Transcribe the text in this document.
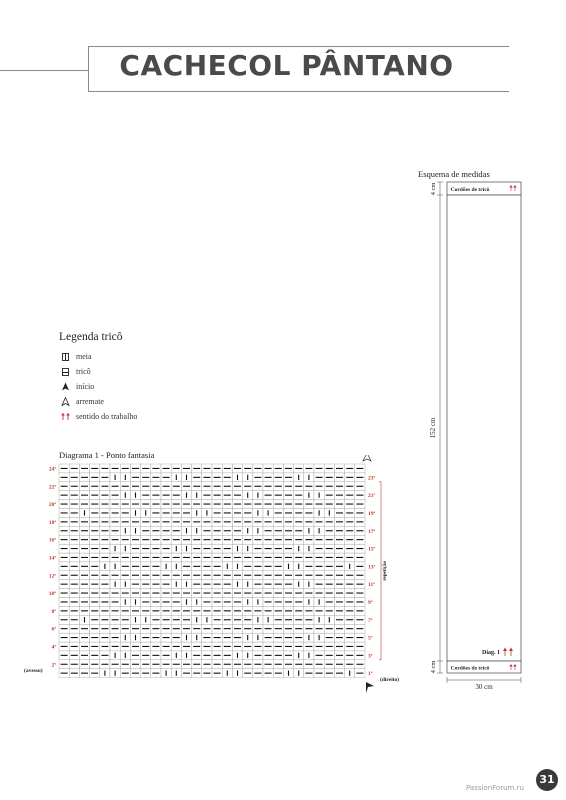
CACHECOL PÂNTANO
Esquema de medidas
Cordões de tricô
Cordões de tricô
Diag. 1
4 cm
152 cm
4 cm
30 cm
Legenda tricô
meia
tricô
início
arremate
sentido do trabalho
Diagrama 1 - Ponto fantasia
24ª
22ª
20ª
18ª
16ª
14ª
12ª
10ª
8ª
6ª
4ª
2ª
23ª
21ª
19ª
17ª
15ª
13ª
11ª
9ª
7ª
5ª
3ª
1ª
(avesso)
(direito)
repetição
31
PassionForum.ru
